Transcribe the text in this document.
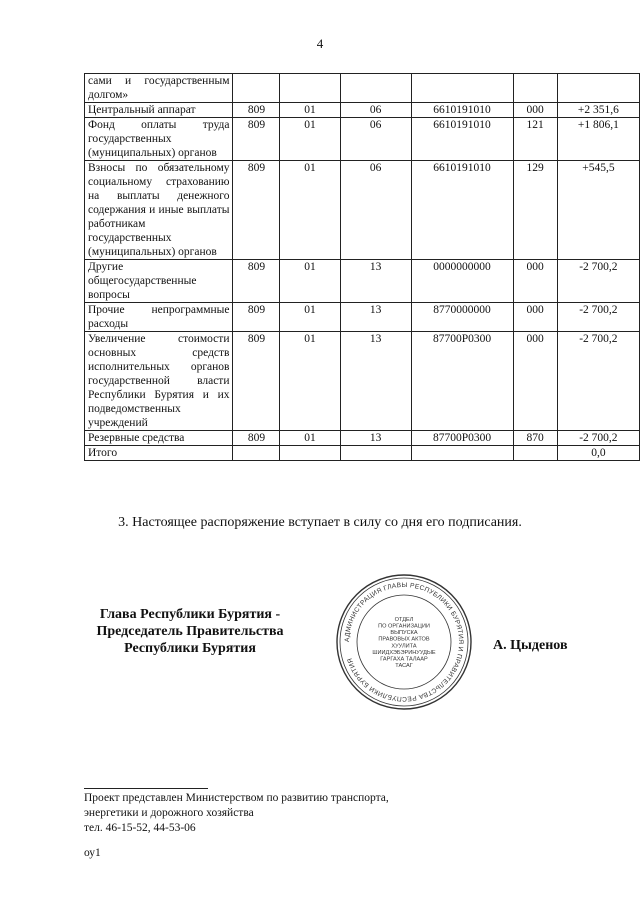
4
сами и государственным долгом»						
Центральный аппарат	809	01	06	6610191010	000	+2 351,6
Фонд оплаты труда государственных (муниципальных) органов	809	01	06	6610191010	121	+1 806,1
Взносы по обязательному социальному страхованию на выплаты денежного содержания и иные выплаты работникам государственных (муниципальных) органов	809	01	06	6610191010	129	+545,5
Другие общегосударственные вопросы	809	01	13	0000000000	000	-2 700,2
Прочие непрограммные расходы	809	01	13	8770000000	000	-2 700,2
Увеличение стоимости основных средств исполнительных органов государственной власти Республики Бурятия и их подведомственных учреждений	809	01	13	87700P0300	000	-2 700,2
Резервные средства	809	01	13	87700P0300	870	-2 700,2
Итого						0,0
3. Настоящее распоряжение вступает в силу со дня его подписания.
Глава Республики Бурятия -
Председатель Правительства
Республики Бурятия
АДМИНИСТРАЦИЯ ГЛАВЫ РЕСПУБЛИКИ БУРЯТИЯ И ПРАВИТЕЛЬСТВА РЕСПУБЛИКИ БУРЯТИЯ
ОТДЕЛ
ПО ОРГАНИЗАЦИИ
ВЫПУСКА
ПРАВОВЫХ АКТОВ
ХУУЛИТА
ШИИДХЭБЭРИНУУДЫЕ
ГАРГАХА ТАЛААР
ТАСАГ
А. Цыденов
Проект представлен Министерством по развитию транспорта,
энергетики и дорожного хозяйства
тел. 46-15-52, 44-53-06
оу1
